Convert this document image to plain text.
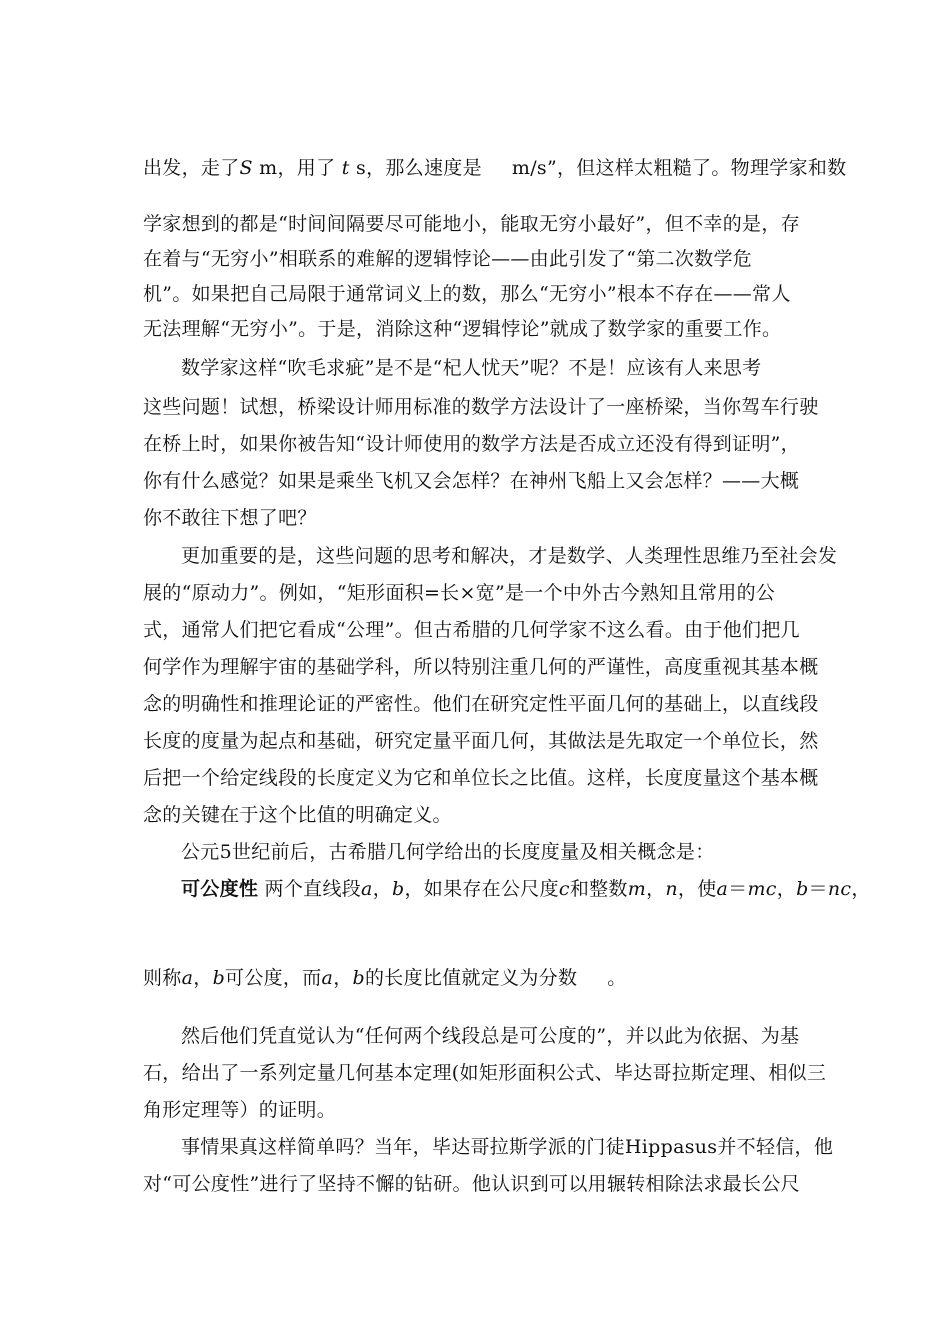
出发，走了S m，用了 t s，那么速度是 m/s”，但这样太粗糙了。物理学家和数
学家想到的都是“时间间隔要尽可能地小，能取无穷小最好”，但不幸的是，存
在着与“无穷小”相联系的难解的逻辑悖论——由此引发了“第二次数学危
机”。如果把自己局限于通常词义上的数，那么“无穷小”根本不存在——常人
无法理解“无穷小”。于是，消除这种“逻辑悖论”就成了数学家的重要工作。
数学家这样“吹毛求疵”是不是“杞人忧天”呢？不是！应该有人来思考
这些问题！试想，桥梁设计师用标准的数学方法设计了一座桥梁，当你驾车行驶
在桥上时，如果你被告知“设计师使用的数学方法是否成立还没有得到证明”，
你有什么感觉？如果是乘坐飞机又会怎样？在神州飞船上又会怎样？——大概
你不敢往下想了吧？
更加重要的是，这些问题的思考和解决，才是数学、人类理性思维乃至社会发
展的“原动力”。例如，“矩形面积=长×宽”是一个中外古今熟知且常用的公
式，通常人们把它看成“公理”。但古希腊的几何学家不这么看。由于他们把几
何学作为理解宇宙的基础学科，所以特别注重几何的严谨性，高度重视其基本概
念的明确性和推理论证的严密性。他们在研究定性平面几何的基础上，以直线段
长度的度量为起点和基础，研究定量平面几何，其做法是先取定一个单位长，然
后把一个给定线段的长度定义为它和单位长之比值。这样，长度度量这个基本概
念的关键在于这个比值的明确定义。
公元5世纪前后，古希腊几何学给出的长度度量及相关概念是：
可公度性 两个直线段a，b，如果存在公尺度c和整数m，n，使a＝mc，b＝nc，
则称a，b可公度，而a，b的长度比值就定义为分数 。
然后他们凭直觉认为“任何两个线段总是可公度的”，并以此为依据、为基
石，给出了一系列定量几何基本定理(如矩形面积公式、毕达哥拉斯定理、相似三
角形定理等）的证明。
事情果真这样简单吗？当年，毕达哥拉斯学派的门徒Hippasus并不轻信，他
对“可公度性”进行了坚持不懈的钻研。他认识到可以用辗转相除法求最长公尺
